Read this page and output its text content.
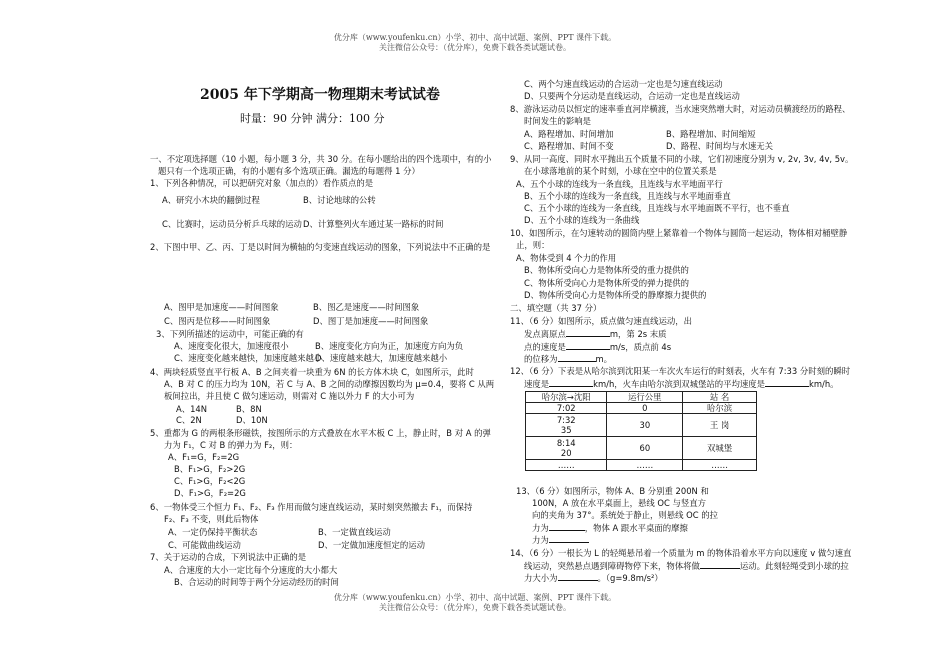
优分库（www.youfenku.cn）小学、初中、高中试题、案例、PPT 课件下载。
关注微信公众号：（优分库），免费下载各类试题试卷。
2005 年下学期高一物理期末考试试卷
时量：90 分钟 满分：100 分
一、不定项选择题（10 小题，每小题 3 分，共 30 分。在每小题给出的四个选项中，有的小
题只有一个选项正确，有的小题有多个选项正确。漏选的每题得 1 分）
1、下列各种情况，可以把研究对象（加点的）看作质点的是
A、研究小木块的翻倒过程	B、讨论地球的公转
C、比赛时，运动员分析乒乓球的运动 D、计算整列火车通过某一路标的时间
2、下图中甲、乙、丙、丁是以时间为横轴的匀变速直线运动的图象，下列说法中不正确的是
A、图甲是加速度——时间图象	B、图乙是速度——时间图象
C、图丙是位移——时间图象	D、图丁是加速度——时间图象
3、下列所描述的运动中，可能正确的有
A、速度变化很大，加速度很小	B、速度变化方向为正，加速度方向为负
C、速度变化越来越快，加速度越来越小
D、速度越来越大，加速度越来越小
4、两块轻质竖直平行板 A、B 之间夹着一块重为 6N 的长方体木块 C，如图所示，此时
A、B 对 C 的压力均为 10N，若 C 与 A、B 之间的动摩擦因数均为 μ=0.4，要将 C 从两
板间拉出，并且使 C 做匀速运动，则需对 C 施以外力 F 的大小可为
A、14N	B、8N
C、2N	D、10N
5、重都为 G 的两根条形磁铁，按图所示的方式叠放在水平木板 C 上，静止时，B 对 A 的弹
力为 F₁，C 对 B 的弹力为 F₂，则：
A、F₁=G，F₂=2G
B、F₁>G，F₂>2G
C、F₁>G，F₂<2G
D、F₁>G，F₂=2G
6、一物体受三个恒力 F₁、F₂、F₃ 作用而做匀速直线运动，某时刻突然撤去 F₁，而保持
F₂、F₃ 不变，则此后物体
A、一定仍保持平衡状态	B、一定做直线运动
C、可能做曲线运动	D、一定做加速度恒定的运动
7、关于运动的合成，下列说法中正确的是
A、合速度的大小一定比每个分速度的大小都大
B、合运动的时间等于两个分运动经历的时间
C、两个匀速直线运动的合运动一定也是匀速直线运动
D、只要两个分运动是直线运动，合运动一定也是直线运动
8、游泳运动员以恒定的速率垂直河岸横渡，当水速突然增大时，对运动员横渡经历的路程、
时间发生的影响是
A、路程增加、时间增加	B、路程增加、时间缩短
C、路程增加、时间不变	D、路程、时间均与水速无关
9、从同一高度、同时水平抛出五个质量不同的小球，它们初速度分别为 v, 2v, 3v, 4v, 5v。
在小球落地前的某个时刻，小球在空中的位置关系是
A、五个小球的连线为一条直线，且连线与水平地面平行
B、五个小球的连线为一条直线，且连线与水平地面垂直
C、五个小球的连线为一条直线，且连线与水平地面既不平行，也不垂直
D、五个小球的连线为一条曲线
10、如图所示，在匀速转动的圆筒内壁上紧靠着一个物体与圆筒一起运动，物体相对桶壁静
止，则：
A、物体受到 4 个力的作用
B、物体所受向心力是物体所受的重力提供的
C、物体所受向心力是物体所受的弹力提供的
D、物体所受向心力是物体所受的静摩擦力提供的
二、填空题（共 37 分）
11、（6 分）如图所示，质点做匀速直线运动，出
发点离原点	m，第 2s 末质
点的速度是	m/s，质点前 4s
的位移为	m。
12、（6 分）下表是从哈尔滨到沈阳某一车次火车运行的时刻表，火车有 7:33 分时刻的瞬时
速度是	km/h，火车由哈尔滨到双城堡站的平均速度是	km/h。
哈尔滨→沈阳	运行公里	站 名
7:02	0	哈尔滨
7:32
35	30	王 岗
8:14
20	60	双城堡
……	……	……
13、（6 分）如图所示，物体 A、B 分别重 200N 和
100N，A 放在水平桌面上，悬线 OC 与竖直方
向的夹角为 37°。系统处于静止，则悬线 OC 的拉
力为	，物体 A 跟水平桌面的摩擦
力为
14、（6 分）一根长为 L 的轻绳悬吊着一个质量为 m 的物体沿着水平方向以速度 v 做匀速直
线运动，突然悬点遇到障碍物停下来，物体将做	运动。此刻轻绳受到小球的拉
力大小为	。（g=9.8m/s²）
优分库（www.youfenku.cn）小学、初中、高中试题、案例、PPT 课件下载。
关注微信公众号：（优分库），免费下载各类试题试卷。
